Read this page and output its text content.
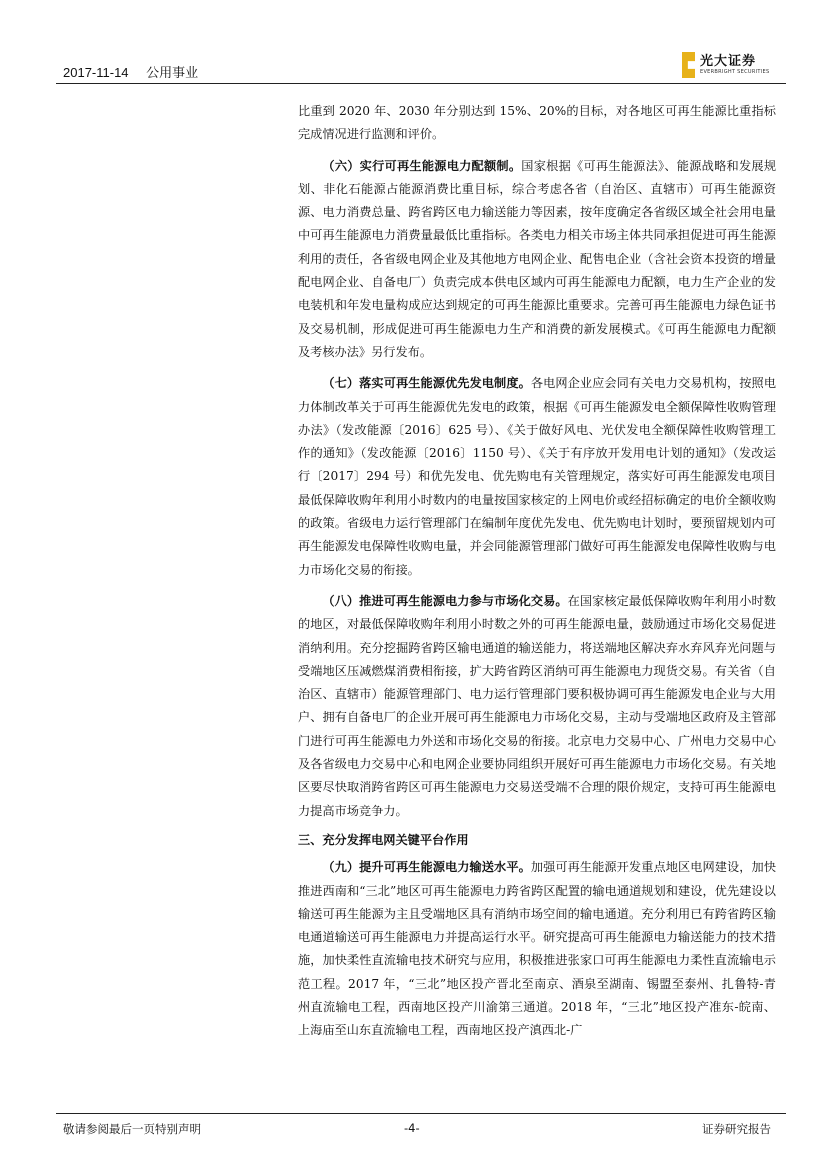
2017-11-14 公用事业
光大证券
EVERBRIGHT SECURITIES

比重到 2020 年、2030 年分别达到 15%、20%的目标，对各地区可再生能源比重指标完成情况进行监测和评价。

（六）实行可再生能源电力配额制。国家根据《可再生能源法》、能源战略和发展规划、非化石能源占能源消费比重目标，综合考虑各省（自治区、直辖市）可再生能源资源、电力消费总量、跨省跨区电力输送能力等因素，按年度确定各省级区域全社会用电量中可再生能源电力消费量最低比重指标。各类电力相关市场主体共同承担促进可再生能源利用的责任，各省级电网企业及其他地方电网企业、配售电企业（含社会资本投资的增量配电网企业、自备电厂）负责完成本供电区域内可再生能源电力配额，电力生产企业的发电装机和年发电量构成应达到规定的可再生能源比重要求。完善可再生能源电力绿色证书及交易机制，形成促进可再生能源电力生产和消费的新发展模式。《可再生能源电力配额及考核办法》另行发布。

（七）落实可再生能源优先发电制度。各电网企业应会同有关电力交易机构，按照电力体制改革关于可再生能源优先发电的政策，根据《可再生能源发电全额保障性收购管理办法》（发改能源〔2016〕625 号）、《关于做好风电、光伏发电全额保障性收购管理工作的通知》（发改能源〔2016〕1150 号）、《关于有序放开发用电计划的通知》（发改运行〔2017〕294 号）和优先发电、优先购电有关管理规定，落实好可再生能源发电项目最低保障收购年利用小时数内的电量按国家核定的上网电价或经招标确定的电价全额收购的政策。省级电力运行管理部门在编制年度优先发电、优先购电计划时，要预留规划内可再生能源发电保障性收购电量，并会同能源管理部门做好可再生能源发电保障性收购与电力市场化交易的衔接。

（八）推进可再生能源电力参与市场化交易。在国家核定最低保障收购年利用小时数的地区，对最低保障收购年利用小时数之外的可再生能源电量，鼓励通过市场化交易促进消纳利用。充分挖掘跨省跨区输电通道的输送能力，将送端地区解决弃水弃风弃光问题与受端地区压减燃煤消费相衔接，扩大跨省跨区消纳可再生能源电力现货交易。有关省（自治区、直辖市）能源管理部门、电力运行管理部门要积极协调可再生能源发电企业与大用户、拥有自备电厂的企业开展可再生能源电力市场化交易，主动与受端地区政府及主管部门进行可再生能源电力外送和市场化交易的衔接。北京电力交易中心、广州电力交易中心及各省级电力交易中心和电网企业要协同组织开展好可再生能源电力市场化交易。有关地区要尽快取消跨省跨区可再生能源电力交易送受端不合理的限价规定，支持可再生能源电力提高市场竞争力。

三、充分发挥电网关键平台作用

（九）提升可再生能源电力输送水平。加强可再生能源开发重点地区电网建设，加快推进西南和“三北”地区可再生能源电力跨省跨区配置的输电通道规划和建设，优先建设以输送可再生能源为主且受端地区具有消纳市场空间的输电通道。充分利用已有跨省跨区输电通道输送可再生能源电力并提高运行水平。研究提高可再生能源电力输送能力的技术措施，加快柔性直流输电技术研究与应用，积极推进张家口可再生能源电力柔性直流输电示范工程。2017 年，“三北”地区投产晋北至南京、酒泉至湖南、锡盟至泰州、扎鲁特-青州直流输电工程，西南地区投产川渝第三通道。2018 年，“三北”地区投产准东-皖南、上海庙至山东直流输电工程，西南地区投产滇西北-广

敬请参阅最后一页特别声明	-4-	证券研究报告
